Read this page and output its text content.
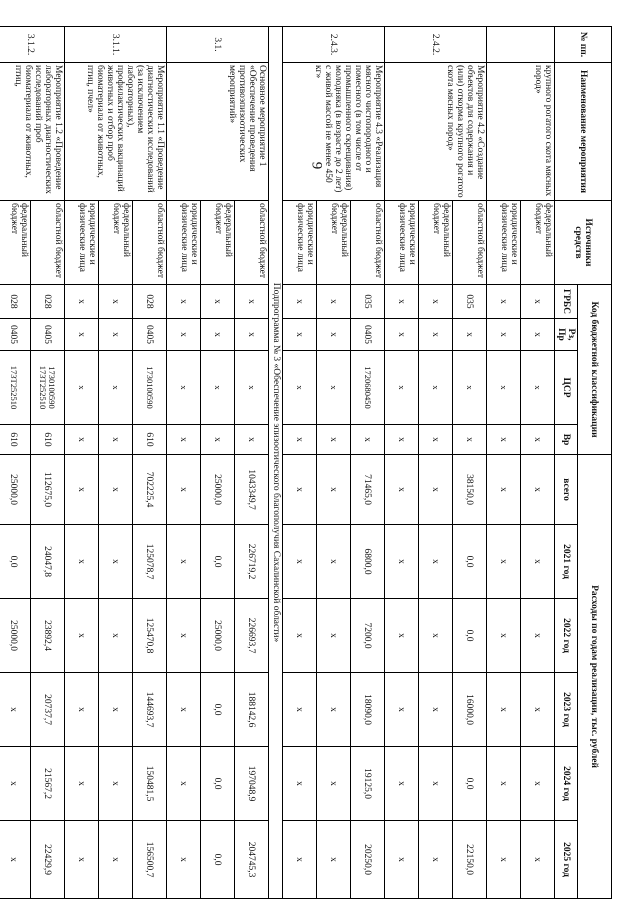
9
№ пп.	Наименование мероприятия	Источники средств	Код бюджетной классификации				Расходы по годам реализации, тыс. рублей					
			ГРБС	Рз, Пр	ЦСР	Вр	всего	2021 год	2022 год	2023 год	2024 год	2025 год
	крупного рогатого скота мясных пород»	федеральный бюджет	х	х	х	х	х	х	х	х	х	х
		юридические и физические лица	х	х	х	х	х	х	х	х	х	х
2.4.2.	Мероприятие 4.2 «Создание объектов для содержания и (или) откорма крупного рогатого скота мясных пород»	областной бюджет	035	х	х	х	38150,0	0,0	0,0	16000,0	0,0	22150,0
		федеральный бюджет	х	х	х	х	х	х	х	х	х	х
		юридические и физические лица	х	х	х	х	х	х	х	х	х	х
2.4.3.	Мероприятие 4.3 «Реализация мясного чистопородного и помесного (в том числе от промышленного скрещивания) молодняка (в возрасте до 2 лет) с живой массой не менее 450 кг»	областной бюджет	035	0405	1720680450	х	71465,0	6800,0	7200,0	18090,0	19125,0	20250,0
		федеральный бюджет	х	х	х	х	х	х	х	х	х	х
		юридические и физические лица	х	х	х	х	х	х	х	х	х	х
Подпрограмма № 3 «Обеспечение эпизоотического благополучия Сахалинской области»												
3.1.	Основное мероприятие 1 «Обеспечение проведения противоэпизоотических мероприятий»	областной бюджет	х	х	х	х	1043349,7	226719,2	226693,7	188142,6	197048,9	204745,3
		федеральный бюджет	х	х	х	х	25000,0	0,0	25000,0	0,0	0,0	0,0
		юридические и физические лица	х	х	х	х	х	х	х	х	х	х
3.1.1.	Мероприятие 1.1 «Проведение диагностических исследований (за исключением лабораторных), профилактических вакцинаций животных и отбор проб биоматериала от животных, птиц, пчел»	областной бюджет	028	0405	1730100590	610	702225,4	125078,7	125470,8	144693,7	150481,5	156500,7
		федеральный бюджет	х	х	х	х	х	х	х	х	х	х
		юридические и физические лица	х	х	х	х	х	х	х	х	х	х
3.1.2.	Мероприятие 1.2 «Проведение лабораторных диагностических исследований проб биоматериала от животных, птиц,	областной бюджет	028	0405	1730100590 173Т252510	610	112675,0	24047,8	23892,4	20737,7	21567,2	22429,9
		федеральный бюджет	028	0405	173Т252510	610	25000,0	0,0	25000,0	х	х	х
